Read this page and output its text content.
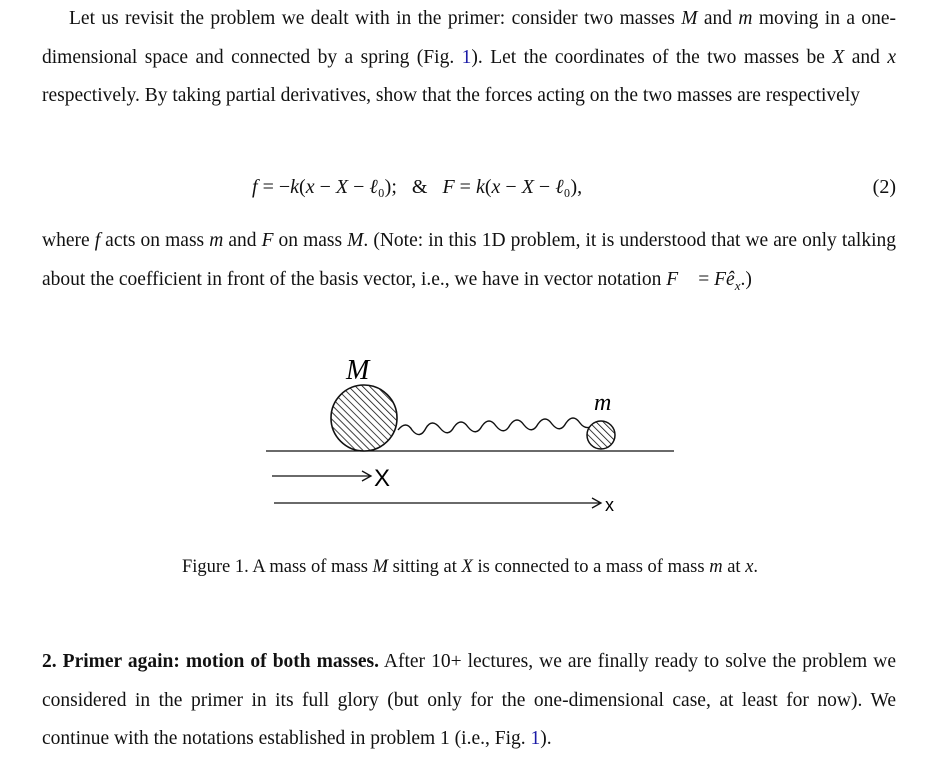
Let us revisit the problem we dealt with in the primer: consider two masses M and m moving in a one-dimensional space and connected by a spring (Fig. 1). Let the coordinates of the two masses be X and x respectively. By taking partial derivatives, show that the forces acting on the two masses are respectively
f = −k(x − X − ℓ₀);   &   F = k(x − X − ℓ₀),	(2)
where f acts on mass m and F on mass M. (Note: in this 1D problem, it is understood that we are only talking about the coefficient in front of the basis vector, i.e., we have in vector notation F⃗ = $Fê_x$.)
M
m
X
x
Figure 1. A mass of mass M sitting at X is connected to a mass of mass m at x.
2. Primer again: motion of both masses. After 10+ lectures, we are finally ready to solve the problem we considered in the primer in its full glory (but only for the one-dimensional case, at least for now). We continue with the notations established in problem 1 (i.e., Fig. 1).
